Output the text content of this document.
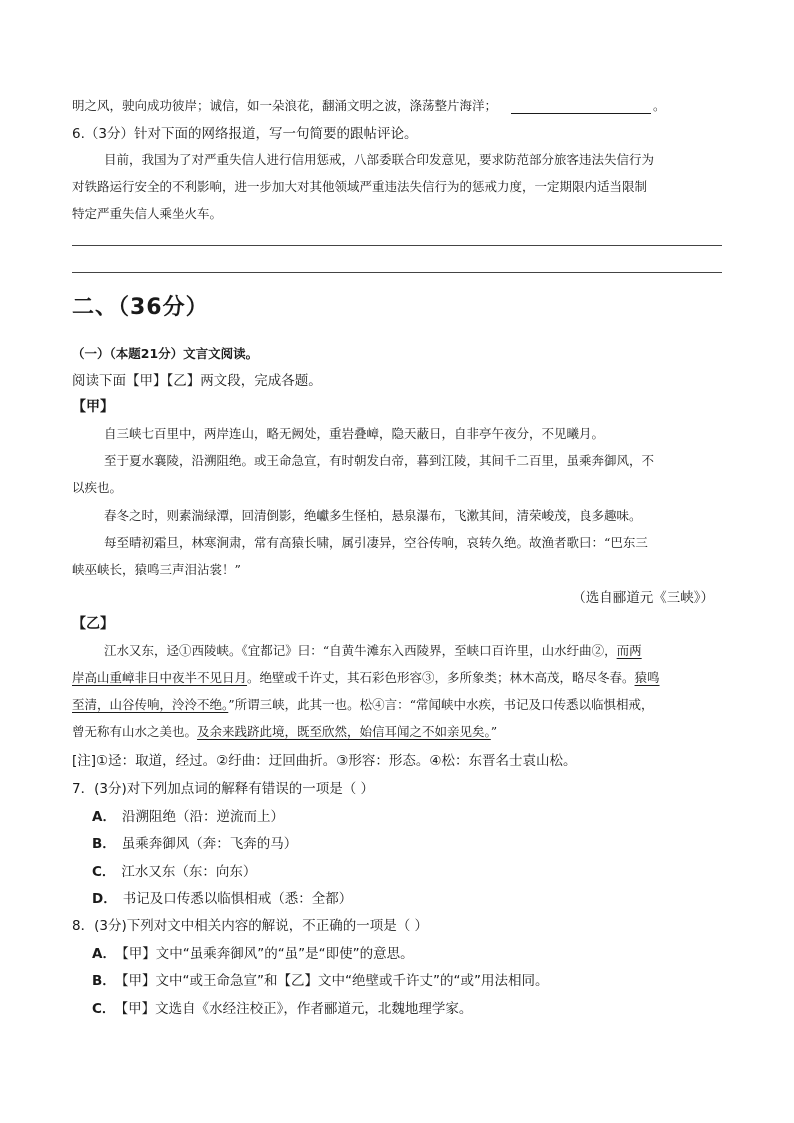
明之风，驶向成功彼岸；诚信，如一朵浪花，翻涌文明之波，涤荡整片海洋；	。
6.（3分）针对下面的网络报道，写一句简要的跟帖评论。
目前，我国为了对严重失信人进行信用惩戒，八部委联合印发意见，要求防范部分旅客违法失信行为
对铁路运行安全的不利影响，进一步加大对其他领域严重违法失信行为的惩戒力度，一定期限内适当限制
特定严重失信人乘坐火车。
二、（36分）
（一）（本题21分）文言文阅读。
阅读下面【甲】【乙】两文段，完成各题。
【甲】
自三峡七百里中，两岸连山，略无阙处，重岩叠嶂，隐天蔽日，自非亭午夜分，不见曦月。
至于夏水襄陵，沿溯阻绝。或王命急宣，有时朝发白帝，暮到江陵，其间千二百里，虽乘奔御风，不
以疾也。
春冬之时，则素湍绿潭，回清倒影，绝巘多生怪柏，悬泉瀑布，飞漱其间，清荣峻茂，良多趣味。
每至晴初霜旦，林寒涧肃，常有高猿长啸，属引凄异，空谷传响，哀转久绝。故渔者歌曰：“巴东三
峡巫峡长，猿鸣三声泪沾裳！”
（选自郦道元《三峡》）
【乙】
江水又东，迳①西陵峡。《宜都记》曰：“自黄牛滩东入西陵界，至峡口百许里，山水纡曲②，而两
岸高山重嶂非日中夜半不见日月。绝壁或千许丈，其石彩色形容③，多所象类；林木高茂，略尽冬春。猿鸣
至清，山谷传响，泠泠不绝。”所谓三峡，此其一也。松④言：“常闻峡中水疾，书记及口传悉以临惧相戒，
曾无称有山水之美也。及余来践跻此境，既至欣然，始信耳闻之不如亲见矣。”
[注]①迳：取道，经过。②纡曲：迂回曲折。③形容：形态。④松：东晋名士袁山松。
7．(3分)对下列加点词的解释有错误的一项是（ ）
A． 沿溯阻绝（沿：逆流而上）
B． 虽乘奔御风（奔：飞奔的马）
C． 江水又东（东：向东）
D． 书记及口传悉以临惧相戒（悉：全都）
8．(3分)下列对文中相关内容的解说，不正确的一项是（ ）
A． 【甲】文中“虽乘奔御风”的“虽”是“即使”的意思。
B． 【甲】文中“或王命急宣”和【乙】文中“绝壁或千许丈”的“或”用法相同。
C． 【甲】文选自《水经注校正》，作者郦道元，北魏地理学家。
